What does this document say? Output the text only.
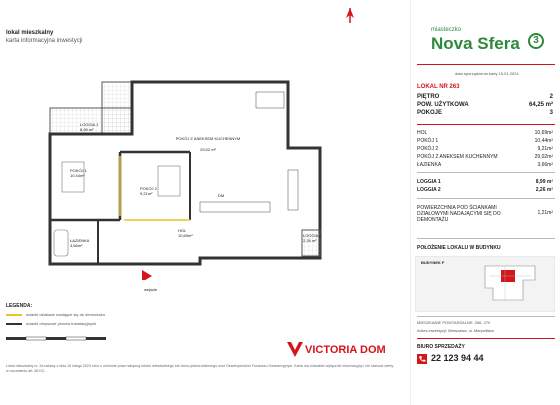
lokal mieszkalny
karta informacyjna inwestycji
LOGGIA 1
8,99 m²
POKÓJ Z ANEKSEM KUCHENNYM
29,02 m²
POKÓJ 1
10,44m²
POKÓJ 2
9,21m²
LOGGIA 2
2,26 m²
ŁAZIENKA
3,66m²
HOL
10,69m²
DM
wejście
LEGENDA:
ścianki działowe nadające się do demontażu
ścianki obrysowe pionów instalacyjnych
VICTORIA DOM
Lokal mieszkalny nr. 2a ustawy z dnia 16 lutego 2024 roku o ochronie praw nabywcy lokalu mieszkalnego lub domu jednorodzinnego oraz Deweloperskim Funduszu Gwarancyjnym. Karta ma charakter wyłącznie informacyjny i nie stanowi oferty w rozumieniu art. 66 KC.
miasteczko
Nova Sfera	3
data sporządzenia karty 15.01.2024
LOKAL NR 263
PIĘTRO	2
POW. UŻYTKOWA	64,25 m²
POKOJE	3
HOL	10,69m²
POKÓJ 1	10,44m²
POKÓJ 2	9,21m²
POKÓJ Z ANEKSEM KUCHENNYM	29,02m²
ŁAZIENKA	3,66m²
LOGGIA 1	8,99 m²
LOGGIA 2	2,26 m²
POWIERZCHNIA POD ŚCIANKAMI DZIAŁOWYMI NADAJĄCYMI SIĘ DO DEMONTAŻU
1,21m²
POŁOŻENIE LOKALU W BUDYNKU
BUDYNEK F
MIESZKANIE POWTARZALNE: 256, 270
Adres inwestycji: Warszawa, ul. Marywilska
BIURO SPRZEDAŻY
22 123 94 44
